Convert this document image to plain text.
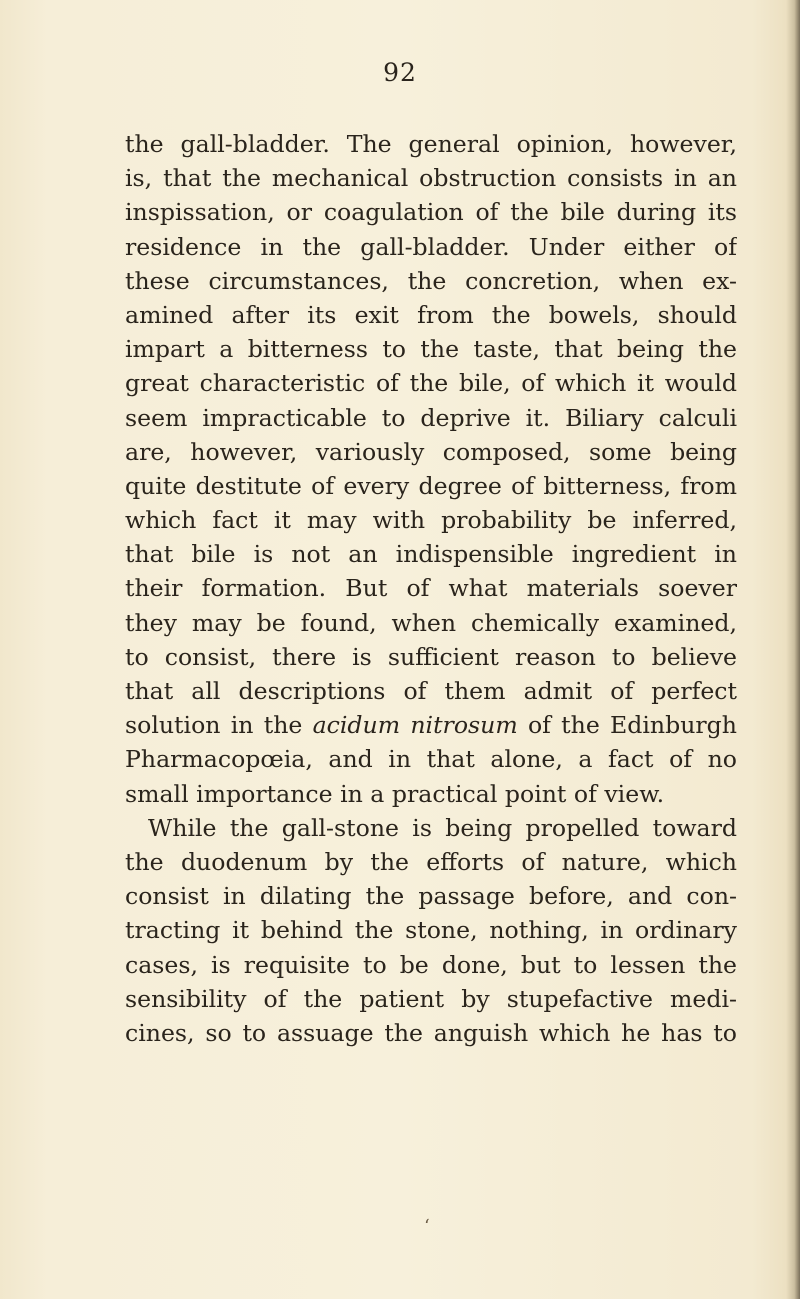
92
the gall-bladder. The general opinion, however,
is, that the mechanical obstruction consists in an
inspissation, or coagulation of the bile during its
residence in the gall-bladder. Under either of
these circumstances, the concretion, when ex-
amined after its exit from the bowels, should
impart a bitterness to the taste, that being the
great characteristic of the bile, of which it would
seem impracticable to deprive it. Biliary calculi
are, however, variously composed, some being
quite destitute of every degree of bitterness, from
which fact it may with probability be inferred,
that bile is not an indispensible ingredient in
their formation. But of what materials soever
they may be found, when chemically examined,
to consist, there is sufficient reason to believe
that all descriptions of them admit of perfect
solution in the acidum nitrosum of the Edinburgh
Pharmacopœia, and in that alone, a fact of no
small importance in a practical point of view.
While the gall-stone is being propelled toward
the duodenum by the efforts of nature, which
consist in dilating the passage before, and con-
tracting it behind the stone, nothing, in ordinary
cases, is requisite to be done, but to lessen the
sensibility of the patient by stupefactive medi-
cines, so to assuage the anguish which he has to
‘
